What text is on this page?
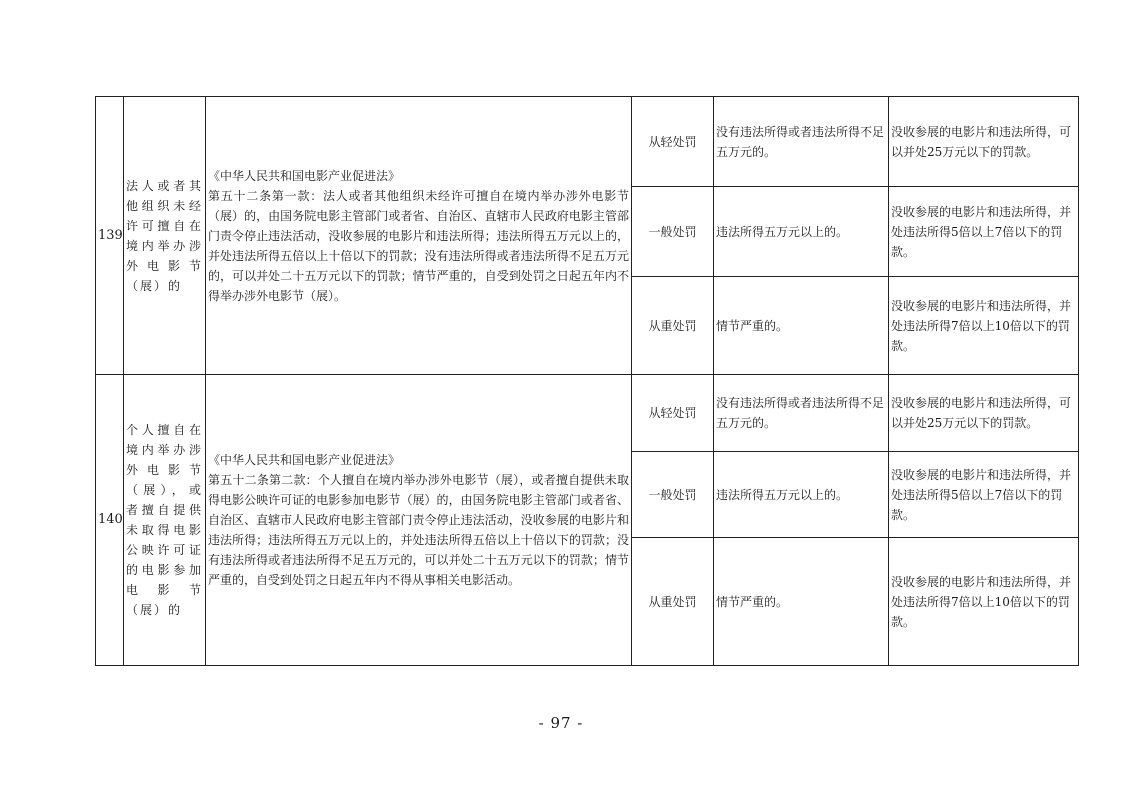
139	法人或者其他组织未经许可擅自在境内举办涉外电影节（展）的	《中华人民共和国电影产业促进法》
第五十二条第一款：法人或者其他组织未经许可擅自在境内举办涉外电影节（展）的，由国务院电影主管部门或者省、自治区、直辖市人民政府电影主管部门责令停止违法活动，没收参展的电影片和违法所得；违法所得五万元以上的，并处违法所得五倍以上十倍以下的罚款；没有违法所得或者违法所得不足五万元的，可以并处二十五万元以下的罚款；情节严重的，自受到处罚之日起五年内不得举办涉外电影节（展）。	从轻处罚	没有违法所得或者违法所得不足五万元的。	没收参展的电影片和违法所得，可以并处25万元以下的罚款。
			一般处罚	违法所得五万元以上的。	没收参展的电影片和违法所得，并处违法所得5倍以上7倍以下的罚款。
			从重处罚	情节严重的。	没收参展的电影片和违法所得，并处违法所得7倍以上10倍以下的罚款。
140	个人擅自在境内举办涉外电影节（展），或者擅自提供未取得电影公映许可证的电影参加电影节（展）的	《中华人民共和国电影产业促进法》
第五十二条第二款：个人擅自在境内举办涉外电影节（展），或者擅自提供未取得电影公映许可证的电影参加电影节（展）的，由国务院电影主管部门或者省、自治区、直辖市人民政府电影主管部门责令停止违法活动，没收参展的电影片和违法所得；违法所得五万元以上的，并处违法所得五倍以上十倍以下的罚款；没有违法所得或者违法所得不足五万元的，可以并处二十五万元以下的罚款；情节严重的，自受到处罚之日起五年内不得从事相关电影活动。	从轻处罚	没有违法所得或者违法所得不足五万元的。	没收参展的电影片和违法所得，可以并处25万元以下的罚款。
			一般处罚	违法所得五万元以上的。	没收参展的电影片和违法所得，并处违法所得5倍以上7倍以下的罚款。
			从重处罚	情节严重的。	没收参展的电影片和违法所得，并处违法所得7倍以上10倍以下的罚款。
- 97 -
